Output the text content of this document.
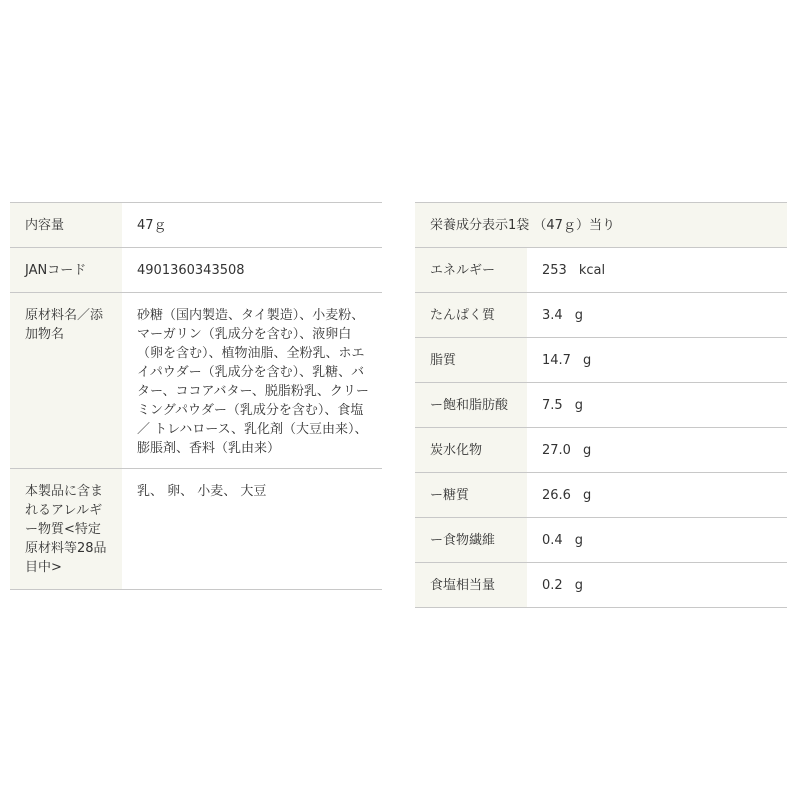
内容量	47ｇ
JANコード	4901360343508

原材料名／添加物名	砂糖（国内製造、タイ製造）、小麦粉、マーガリン（乳成分を含む）、液卵白（卵を含む）、植物油脂、全粉乳、ホエイパウダー（乳成分を含む）、乳糖、バター、ココアバター、脱脂粉乳、クリーミングパウダー（乳成分を含む）、食塩 ／ トレハロース、乳化剤（大豆由来）、膨脹剤、香料（乳由来）

本製品に含まれるアレルギー物質<特定原材料等28品目中>	乳、 卵、 小麦、 大豆
栄養成分表示1袋 （47ｇ）当り	
エネルギー	253 kcal
たんぱく質	3.4 g
脂質	14.7 g
ー飽和脂肪酸	7.5 g
炭水化物	27.0 g
ー糖質	26.6 g
ー食物繊維	0.4 g
食塩相当量	0.2 g
